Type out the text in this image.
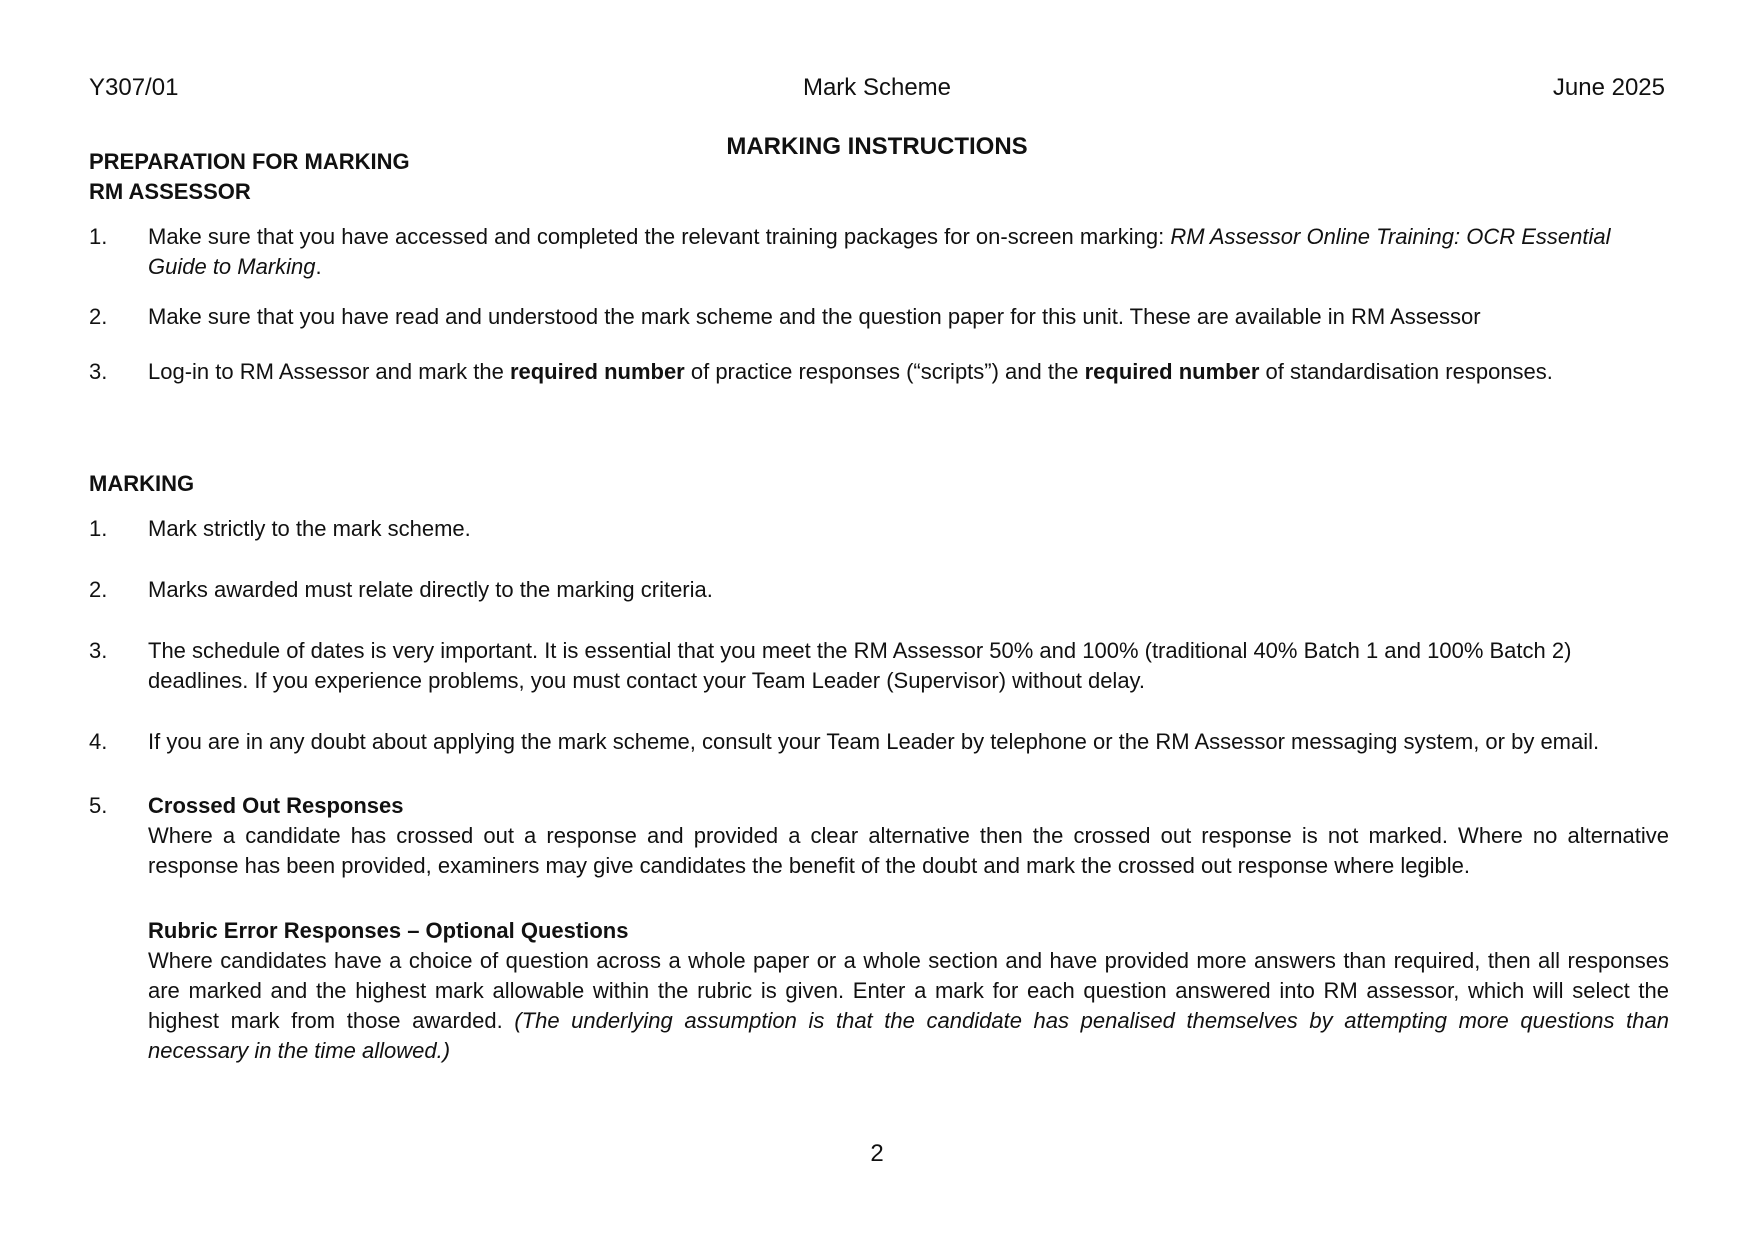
Y307/01	Mark Scheme	June 2025
MARKING INSTRUCTIONS
PREPARATION FOR MARKING
RM ASSESSOR
1.	Make sure that you have accessed and completed the relevant training packages for on-screen marking: RM Assessor Online Training: OCR Essential Guide to Marking.
2.	Make sure that you have read and understood the mark scheme and the question paper for this unit. These are available in RM Assessor
3.	Log-in to RM Assessor and mark the required number of practice responses (“scripts”) and the required number of standardisation responses.
MARKING
1.	Mark strictly to the mark scheme.
2.	Marks awarded must relate directly to the marking criteria.
3.	The schedule of dates is very important. It is essential that you meet the RM Assessor 50% and 100% (traditional 40% Batch 1 and 100% Batch 2) deadlines. If you experience problems, you must contact your Team Leader (Supervisor) without delay.
4.	If you are in any doubt about applying the mark scheme, consult your Team Leader by telephone or the RM Assessor messaging system, or by email.
5.	Crossed Out Responses
Where a candidate has crossed out a response and provided a clear alternative then the crossed out response is not marked. Where no alternative response has been provided, examiners may give candidates the benefit of the doubt and mark the crossed out response where legible.
Rubric Error Responses – Optional Questions
Where candidates have a choice of question across a whole paper or a whole section and have provided more answers than required, then all responses are marked and the highest mark allowable within the rubric is given. Enter a mark for each question answered into RM assessor, which will select the highest mark from those awarded. (The underlying assumption is that the candidate has penalised themselves by attempting more questions than necessary in the time allowed.)
2
